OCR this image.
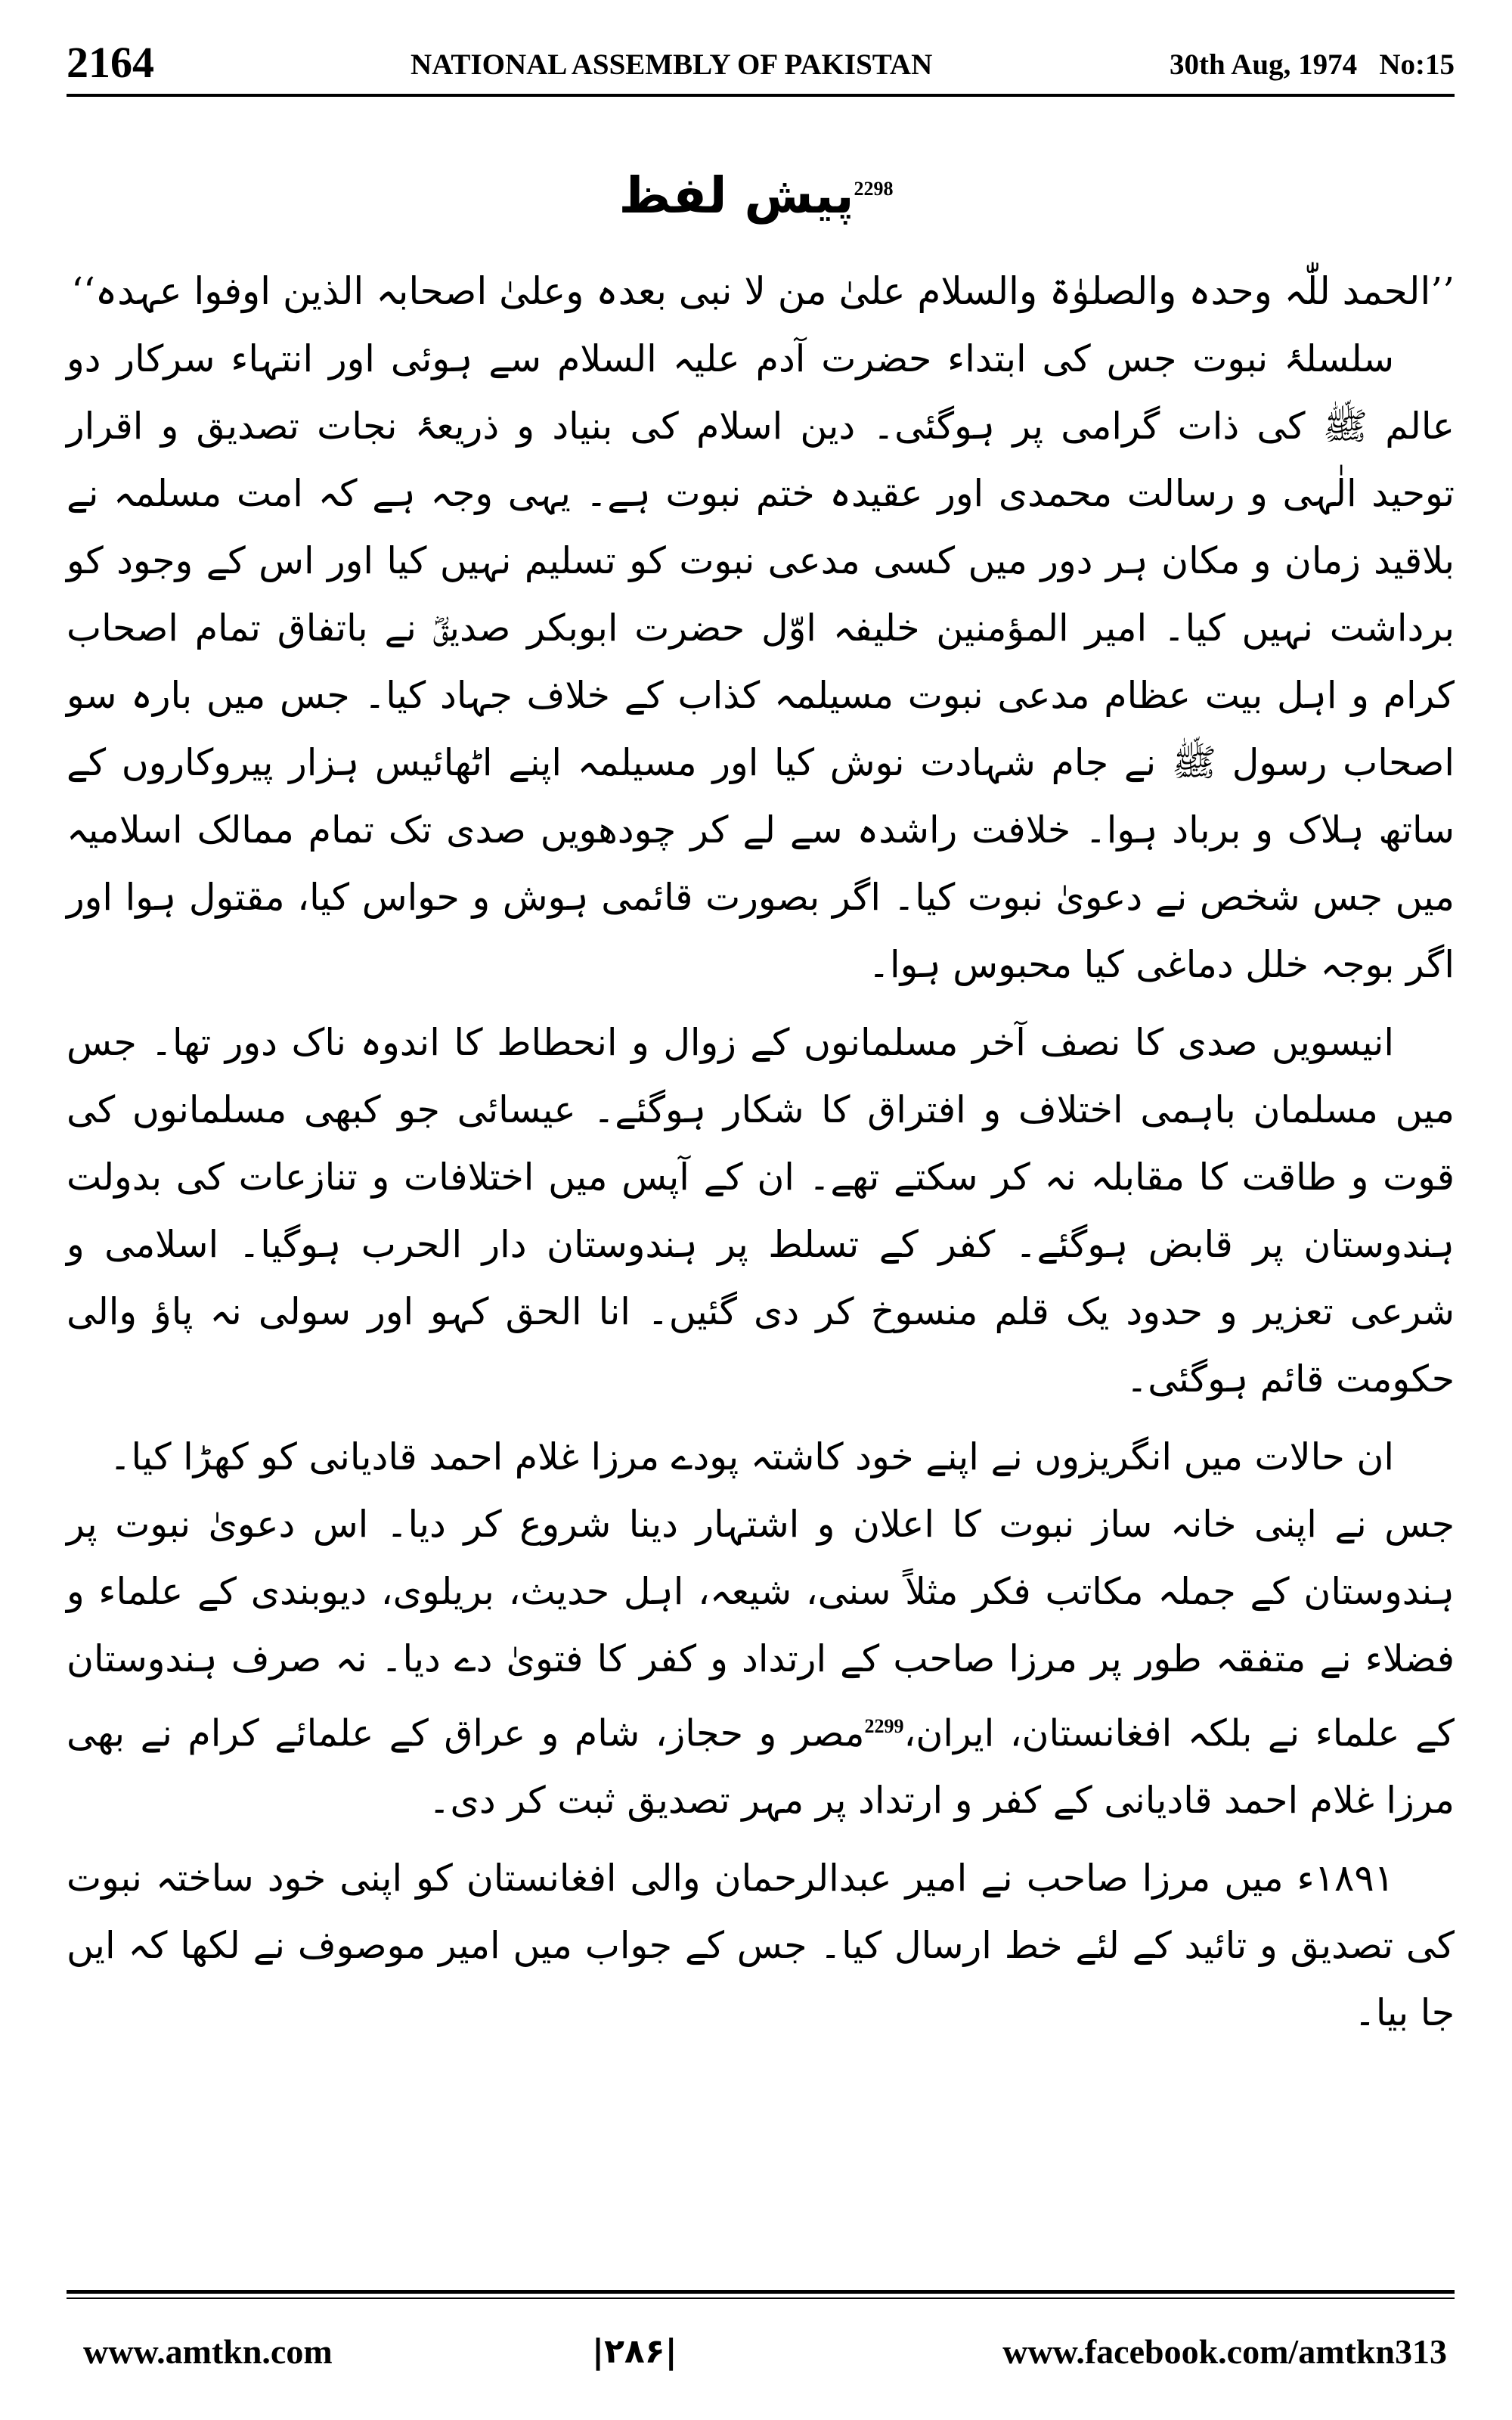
2164	NATIONAL ASSEMBLY OF PAKISTAN	30th Aug, 1974 No:15
$^{2298}$پیش لفظ

’’الحمد للّٰہ وحدہ والصلوٰۃ والسلام علیٰ من لا نبی بعدہ وعلیٰ اصحابہ الذین اوفوا عہدہ‘‘

سلسلۂ نبوت جس کی ابتداء حضرت آدم علیہ السلام سے ہوئی اور انتہاء سرکار دو عالم ﷺ کی ذات گرامی پر ہوگئی۔ دین اسلام کی بنیاد و ذریعۂ نجات تصدیق و اقرار توحید الٰہی و رسالت محمدی اور عقیدہ ختم نبوت ہے۔ یہی وجہ ہے کہ امت مسلمہ نے بلاقید زمان و مکان ہر دور میں کسی مدعی نبوت کو تسلیم نہیں کیا اور اس کے وجود کو برداشت نہیں کیا۔ امیر المؤمنین خلیفہ اوّل حضرت ابوبکر صدیقؓ نے باتفاق تمام اصحاب کرام و اہل بیت عظام مدعی نبوت مسیلمہ کذاب کے خلاف جہاد کیا۔ جس میں بارہ سو اصحاب رسول ﷺ نے جام شہادت نوش کیا اور مسیلمہ اپنے اٹھائیس ہزار پیروکاروں کے ساتھ ہلاک و برباد ہوا۔ خلافت راشدہ سے لے کر چودھویں صدی تک تمام ممالک اسلامیہ میں جس شخص نے دعویٰ نبوت کیا۔ اگر بصورت قائمی ہوش و حواس کیا، مقتول ہوا اور اگر بوجہ خلل دماغی کیا محبوس ہوا۔

انیسویں صدی کا نصف آخر مسلمانوں کے زوال و انحطاط کا اندوہ ناک دور تھا۔ جس میں مسلمان باہمی اختلاف و افتراق کا شکار ہوگئے۔ عیسائی جو کبھی مسلمانوں کی قوت و طاقت کا مقابلہ نہ کر سکتے تھے۔ ان کے آپس میں اختلافات و تنازعات کی بدولت ہندوستان پر قابض ہوگئے۔ کفر کے تسلط پر ہندوستان دار الحرب ہوگیا۔ اسلامی و شرعی تعزیر و حدود یک قلم منسوخ کر دی گئیں۔ انا الحق کہو اور سولی نہ پاؤ والی حکومت قائم ہوگئی۔

ان حالات میں انگریزوں نے اپنے خود کاشتہ پودے مرزا غلام احمد قادیانی کو کھڑا کیا۔

جس نے اپنی خانہ ساز نبوت کا اعلان و اشتہار دینا شروع کر دیا۔ اس دعویٰ نبوت پر ہندوستان کے جملہ مکاتب فکر مثلاً سنی، شیعہ، اہل حدیث، بریلوی، دیوبندی کے علماء و فضلاء نے متفقہ طور پر مرزا صاحب کے ارتداد و کفر کا فتویٰ دے دیا۔ نہ صرف ہندوستان کے علماء نے بلکہ افغانستان، ایران،$^{2299}$مصر و حجاز، شام و عراق کے علمائے کرام نے بھی مرزا غلام احمد قادیانی کے کفر و ارتداد پر مہر تصدیق ثبت کر دی۔

۱۸۹۱ء میں مرزا صاحب نے امیر عبدالرحمان والی افغانستان کو اپنی خود ساختہ نبوت کی تصدیق و تائید کے لئے خط ارسال کیا۔ جس کے جواب میں امیر موصوف نے لکھا کہ ایں جا بیا۔

www.amtkn.com	|۲۸۶|	www.facebook.com/amtkn313
